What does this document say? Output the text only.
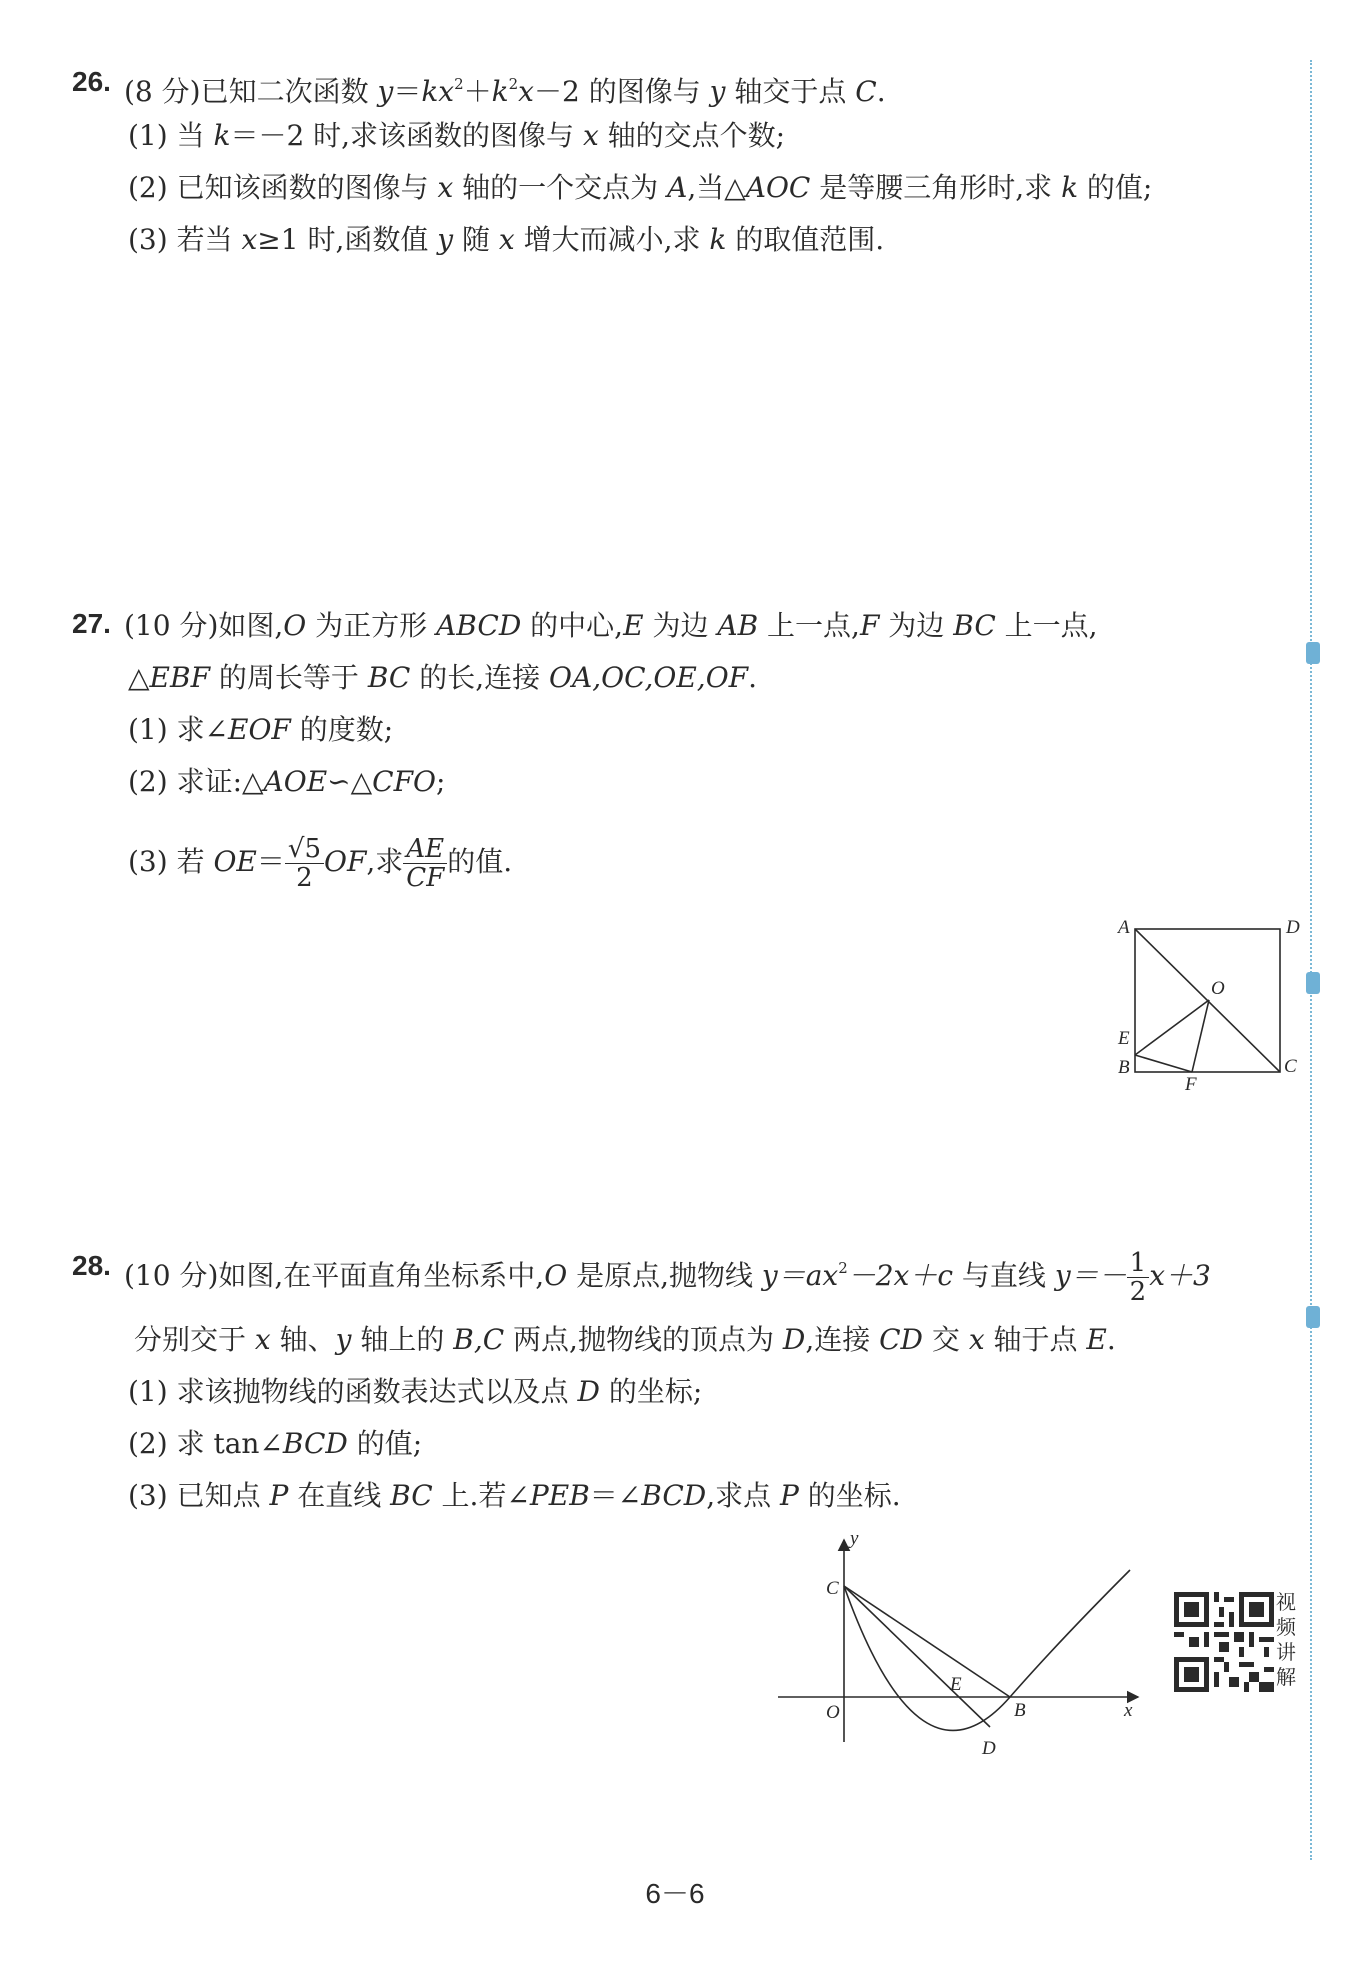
26. (8 分)已知二次函数 $y=kx^2+k^2x-2$ 的图像与 y 轴交于点 C.
(1) 当 k＝－2 时,求该函数的图像与 x 轴的交点个数;
(2) 已知该函数的图像与 x 轴的一个交点为 A,当△AOC 是等腰三角形时,求 k 的值;
(3) 若当 x≥1 时,函数值 y 随 x 增大而减小,求 k 的取值范围.
27. (10 分)如图,O 为正方形 ABCD 的中心,E 为边 AB 上一点,F 为边 BC 上一点,
△EBF 的周长等于 BC 的长,连接 OA,OC,OE,OF.
(1) 求∠EOF 的度数;
(2) 求证:△AOE∽△CFO;
(3) 若 $OE= \frac{√5}{2}$ OF,求 $\frac{AE}{CF}$ 的值.
A	D
O
E
B
F
C
28. (10 分)如图,在平面直角坐标系中,O 是原点,抛物线 $y=ax^2-2x+c$ 与直线 $y=- \frac{1}{2} x+3$
分别交于 x 轴、y 轴上的 B,C 两点,抛物线的顶点为 D,连接 CD 交 x 轴于点 E.
(1) 求该抛物线的函数表达式以及点 D 的坐标;
(2) 求 tan∠BCD 的值;
(3) 已知点 P 在直线 BC 上.若∠PEB＝∠BCD,求点 P 的坐标.
y
C
O
E
B	x
D
视频讲解
6－6
